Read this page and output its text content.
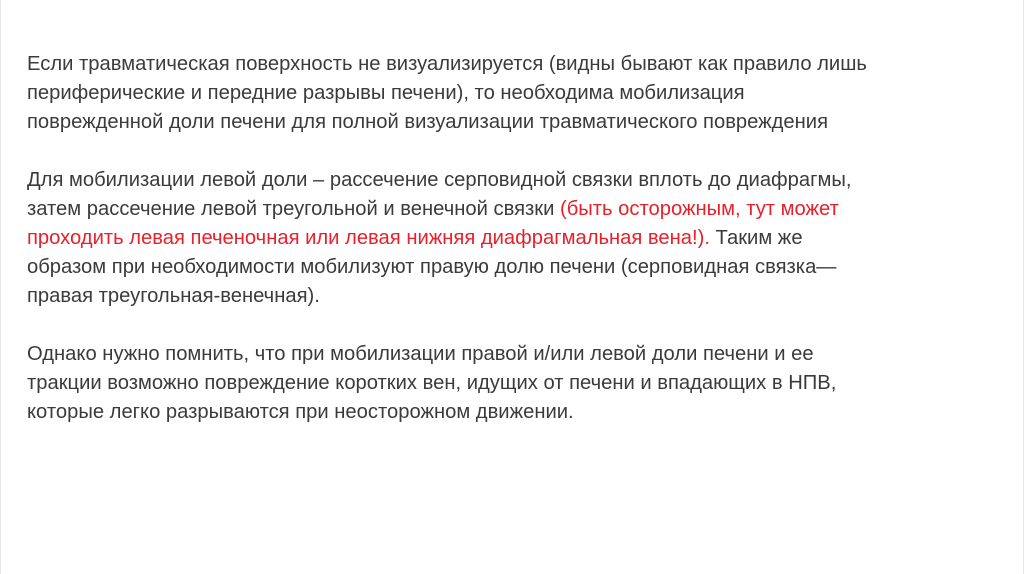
Если травматическая поверхность не визуализируется (видны бывают как правило лишь
периферические и передние разрывы печени), то необходима мобилизация
поврежденной доли печени для полной визуализации травматического повреждения

Для мобилизации левой доли – рассечение серповидной связки вплоть до диафрагмы,
затем рассечение левой треугольной и венечной связки (быть осторожным, тут может
проходить левая печеночная или левая нижняя диафрагмальная вена!). Таким же
образом при необходимости мобилизуют правую долю печени (серповидная связка—
правая треугольная-венечная).

Однако нужно помнить, что при мобилизации правой и/или левой доли печени и ее
тракции возможно повреждение коротких вен, идущих от печени и впадающих в НПВ,
которые легко разрываются при неосторожном движении.
